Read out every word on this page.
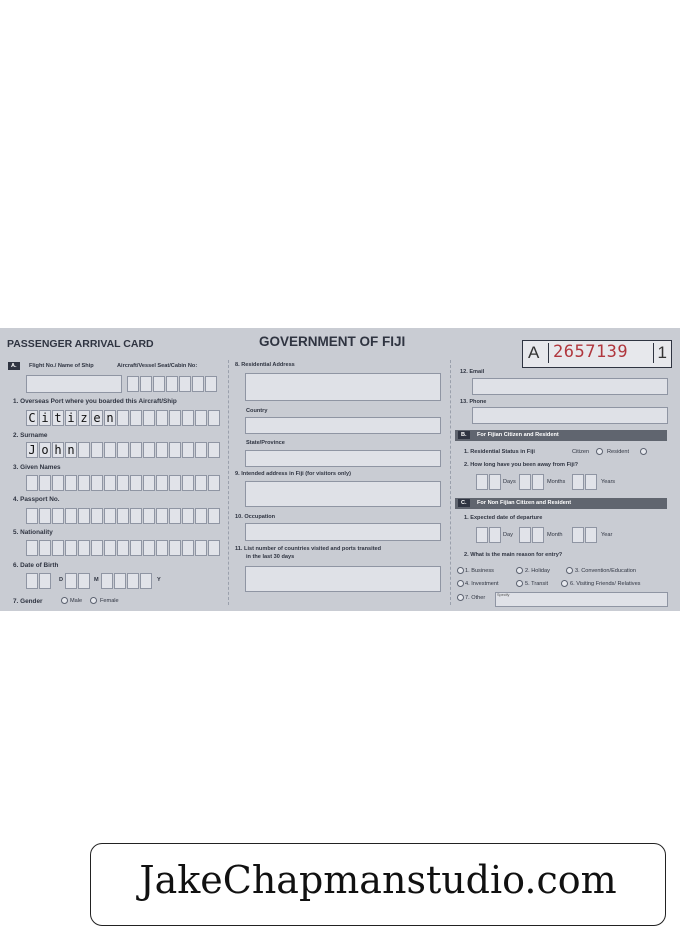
PASSENGER ARRIVAL CARD	GOVERNMENT OF FIJI
A 2657139 1
A.	Flight No./ Name of Ship	Aircraft/Vessel Seat/Cabin No:
1. Overseas Port where you boarded this Aircraft/Ship
C i t i z e n
2. Surname
J o h n
3. Given Names
4. Passport No.
5. Nationality
6. Date of Birth
D	M	Y
7. Gender	Male	Female
8. Residential Address
Country
State/Province
9. Intended address in Fiji (for visitors only)
10. Occupation
11. List number of countries visited and ports transited
in the last 30 days
12. Email
13. Phone
B.	For Fijian Citizen and Resident
1. Residential Status in Fiji	Citizen	Resident
2. How long have you been away from Fiji?
Days	Months	Years
C.	For Non Fijian Citizen and Resident
1. Expected date of departure
Day	Month	Year
2. What is the main reason for entry?
1. Business	2. Holiday	3. Convention/Education
4. Investment	5. Transit	6. Visiting Friends/ Relatives
7. Other	Specify
JakeChapmanstudio.com
